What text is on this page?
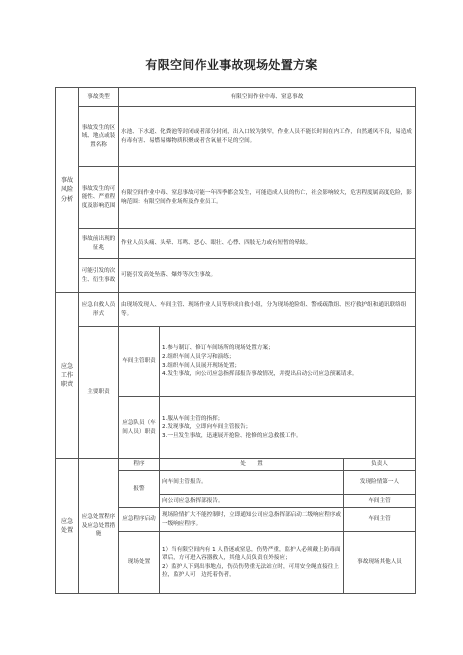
有限空间作业事故现场处置方案
事故风险分析	事故类型	有限空间作业中毒、窒息事故		
	事故发生的区域、地点或装置名称	水池、下水道、化粪池等封闭或者部分封闭，出入口较为狭窄，作业人员不能长时间在内工作，自然通风不良，易造成有毒有害、易燃易爆物质积聚或者含氧量不足的空间。		
	事故发生的可能性、严重程度及影响范围	有限空间作业中毒、窒息事故可能一年四季都会发生，可能造成人员的伤亡，社会影响较大，危害程度属高度危险，影响范围：有限空间作业场所及作业员工。		
	事故前出现的征兆	作业人员头痛、头晕、耳鸣、恶心、眼壮、心悸、四肢无力或有短暂的晕眩。		
	可能引发的次生、衍生事故	可能引发高处坠落、爆炸等次生事故。		
应急工作职责	应急自救人员形式	由现场发现人、车间主管、现场作业人员等形成自救小组，分为现场抢险组、警戒疏散组、医疗救护组和通讯联络组等。		
	主要职责	车间主管职责	1.参与制订、修订车间场所的现场处置方案；
2.组织车间人员学习和演练；
3.组织车间人员展开现场处置；
4.发生事故，向公司应急指挥部报告事故情况，并提出启动公司应急预案请求。	

		应急队员（车间人员）职责	1.服从车间主管的指挥；
2.发现事故，立即向车间主管报告；
3.一旦发生事故，迅速展开抢险、抢修的应急救援工作。	

应急处置	应急处置程序及应急处置措施	程序	处　　置	负责人
		报警	向车间主管报告。	发现险情第一人
			向公司应急指挥部报告。	车间主管
		应急程序启动	现场险情扩大不能控制时，立即通知公司应急指挥部启动二级响应程序或一级响应程序。	车间主管
		现场处置	1）当有限空间内有 1 人昏迷或窒息，伤势严重，监护人必须戴上防毒面罩后，方可进入容器救人，其他人员负责在外接应；
2）监护人下到出事地点，伤员伤势重无法站立时，可用安全绳直接往上拉，监护人可　边托着伤者，	事故现场其他人员
